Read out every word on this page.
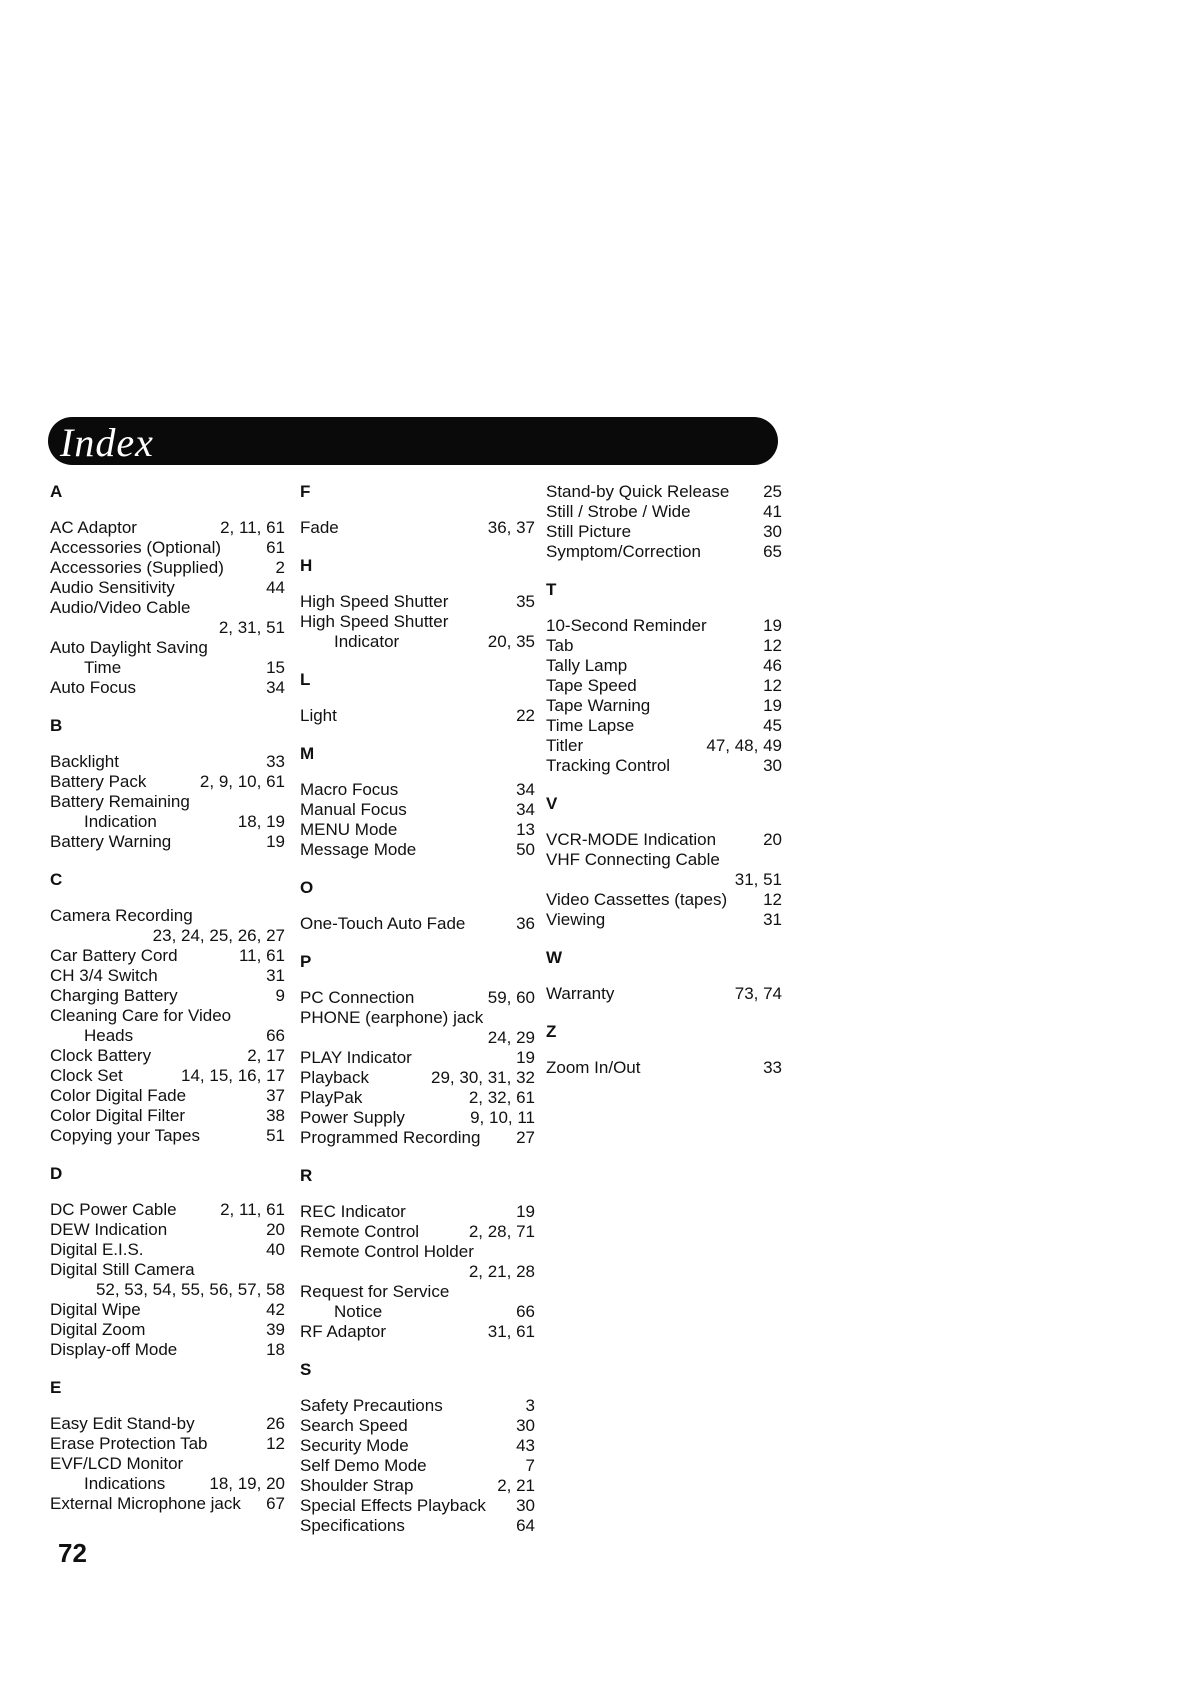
Index
A
AC Adaptor	2, 11, 61
Accessories (Optional)	61
Accessories (Supplied)	2
Audio Sensitivity	44
Audio/Video Cable
2, 31, 51
Auto Daylight Saving
Time	15
Auto Focus	34
B
Backlight	33
Battery Pack	2, 9, 10, 61
Battery Remaining
Indication	18, 19
Battery Warning	19
C
Camera Recording
23, 24, 25, 26, 27
Car Battery Cord	11, 61
CH 3/4 Switch	31
Charging Battery	9
Cleaning Care for Video
Heads	66
Clock Battery	2, 17
Clock Set	14, 15, 16, 17
Color Digital Fade	37
Color Digital Filter	38
Copying your Tapes	51
D
DC Power Cable	2, 11, 61
DEW Indication	20
Digital E.I.S.	40
Digital Still Camera
52, 53, 54, 55, 56, 57, 58
Digital Wipe	42
Digital Zoom	39
Display-off Mode	18
E
Easy Edit Stand-by	26
Erase Protection Tab	12
EVF/LCD Monitor
Indications	18, 19, 20
External Microphone jack 67
F
Fade	36, 37
H
High Speed Shutter	35
High Speed Shutter
Indicator	20, 35
L
Light	22
M
Macro Focus	34
Manual Focus	34
MENU Mode	13
Message Mode	50
O
One-Touch Auto Fade	36
P
PC Connection	59, 60
PHONE (earphone) jack
24, 29
PLAY Indicator	19
Playback	29, 30, 31, 32
PlayPak	2, 32, 61
Power Supply	9, 10, 11
Programmed Recording 27
R
REC Indicator	19
Remote Control	2, 28, 71
Remote Control Holder
2, 21, 28
Request for Service
Notice	66
RF Adaptor	31, 61
S
Safety Precautions	3
Search Speed	30
Security Mode	43
Self Demo Mode	7
Shoulder Strap	2, 21
Special Effects Playback 30
Specifications	64
Stand-by Quick Release 25
Still / Strobe / Wide	41
Still Picture	30
Symptom/Correction	65
T
10-Second Reminder	19
Tab	12
Tally Lamp	46
Tape Speed	12
Tape Warning	19
Time Lapse	45
Titler	47, 48, 49
Tracking Control	30
V
VCR-MODE Indication	20
VHF Connecting Cable
31, 51
Video Cassettes (tapes) 12
Viewing	31
W
Warranty	73, 74
Z
Zoom In/Out	33
72
